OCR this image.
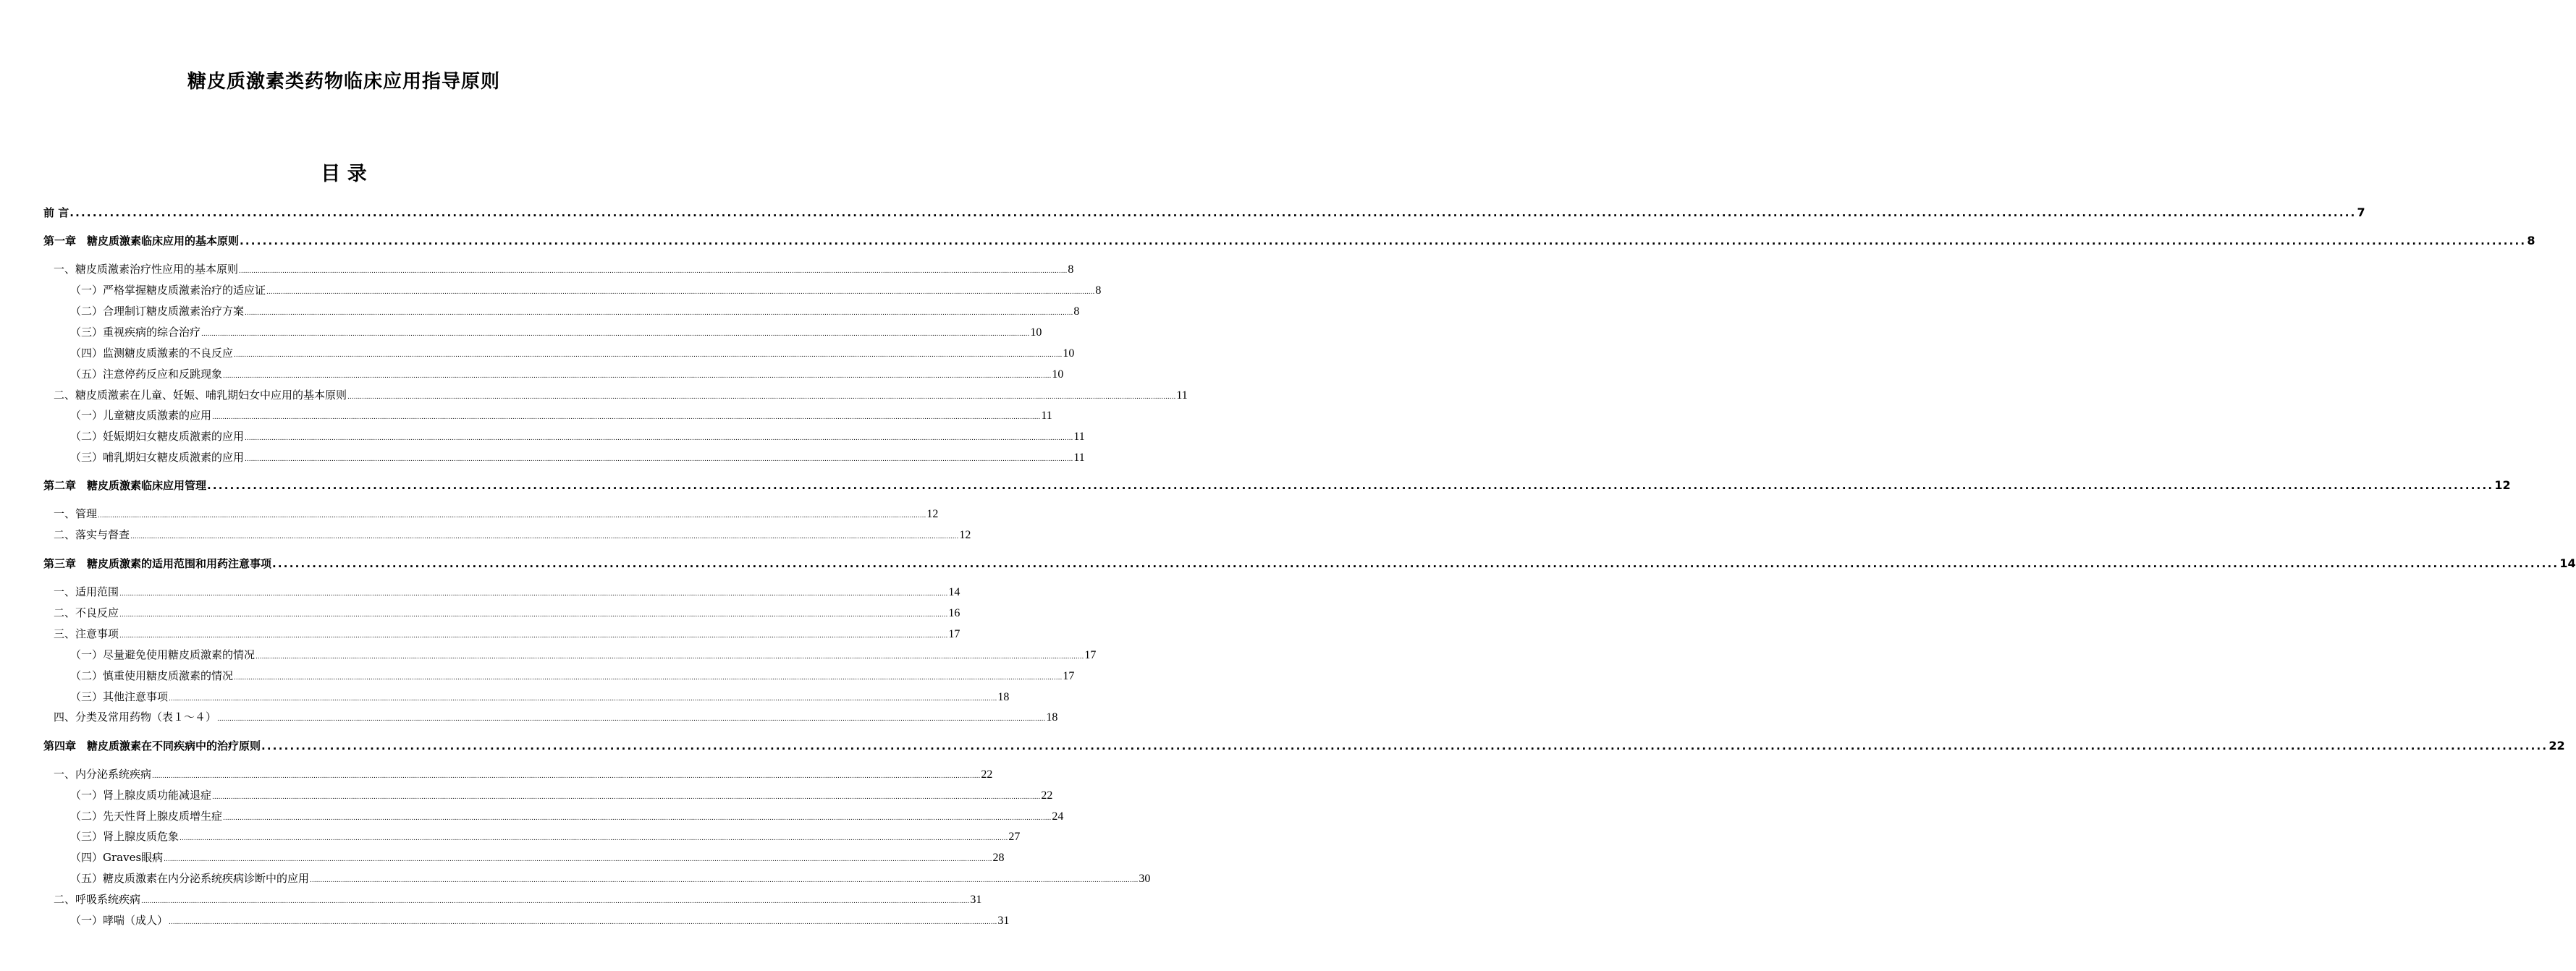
糖皮质激素类药物临床应用指导原则
目 录
前 言 ................................................................................................................................................................................................................................................................................................................................................................................................................ 7
第一章　糖皮质激素临床应用的基本原则 ................................................................................................................................................................................................................................................................................................................................................................................................................ 8
一、糖皮质激素治疗性应用的基本原则 ................................................................................................................................................................................................................................................................................................................................................................................................................ 8
（一）严格掌握糖皮质激素治疗的适应证 ................................................................................................................................................................................................................................................................................................................................................................................................................ 8
（二）合理制订糖皮质激素治疗方案 ................................................................................................................................................................................................................................................................................................................................................................................................................ 8
（三）重视疾病的综合治疗 ................................................................................................................................................................................................................................................................................................................................................................................................................ 10
（四）监测糖皮质激素的不良反应 ................................................................................................................................................................................................................................................................................................................................................................................................................ 10
（五）注意停药反应和反跳现象 ................................................................................................................................................................................................................................................................................................................................................................................................................ 10
二、糖皮质激素在儿童、妊娠、哺乳期妇女中应用的基本原则 ................................................................................................................................................................................................................................................................................................................................................................................................................ 11
（一）儿童糖皮质激素的应用 ................................................................................................................................................................................................................................................................................................................................................................................................................ 11
（二）妊娠期妇女糖皮质激素的应用 ................................................................................................................................................................................................................................................................................................................................................................................................................ 11
（三）哺乳期妇女糖皮质激素的应用 ................................................................................................................................................................................................................................................................................................................................................................................................................ 11
第二章　糖皮质激素临床应用管理 ................................................................................................................................................................................................................................................................................................................................................................................................................ 12
一、管理 ................................................................................................................................................................................................................................................................................................................................................................................................................ 12
二、落实与督查 ................................................................................................................................................................................................................................................................................................................................................................................................................ 12
第三章　糖皮质激素的适用范围和用药注意事项 ................................................................................................................................................................................................................................................................................................................................................................................................................ 14
一、适用范围 ................................................................................................................................................................................................................................................................................................................................................................................................................ 14
二、不良反应 ................................................................................................................................................................................................................................................................................................................................................................................................................ 16
三、注意事项 ................................................................................................................................................................................................................................................................................................................................................................................................................ 17
（一）尽量避免使用糖皮质激素的情况 ................................................................................................................................................................................................................................................................................................................................................................................................................ 17
（二）慎重使用糖皮质激素的情况 ................................................................................................................................................................................................................................................................................................................................................................................................................ 17
（三）其他注意事项 ................................................................................................................................................................................................................................................................................................................................................................................................................ 18
四、分类及常用药物（表１～４） ................................................................................................................................................................................................................................................................................................................................................................................................................ 18
第四章　糖皮质激素在不同疾病中的治疗原则 ................................................................................................................................................................................................................................................................................................................................................................................................................ 22
一、内分泌系统疾病 ................................................................................................................................................................................................................................................................................................................................................................................................................ 22
（一）肾上腺皮质功能减退症 ................................................................................................................................................................................................................................................................................................................................................................................................................ 22
（二）先天性肾上腺皮质增生症 ................................................................................................................................................................................................................................................................................................................................................................................................................ 24
（三）肾上腺皮质危象 ................................................................................................................................................................................................................................................................................................................................................................................................................ 27
（四）Graves眼病 ................................................................................................................................................................................................................................................................................................................................................................................................................ 28
（五）糖皮质激素在内分泌系统疾病诊断中的应用 ................................................................................................................................................................................................................................................................................................................................................................................................................ 30
二、呼吸系统疾病 ................................................................................................................................................................................................................................................................................................................................................................................................................ 31
（一）哮喘（成人） ................................................................................................................................................................................................................................................................................................................................................................................................................ 31
